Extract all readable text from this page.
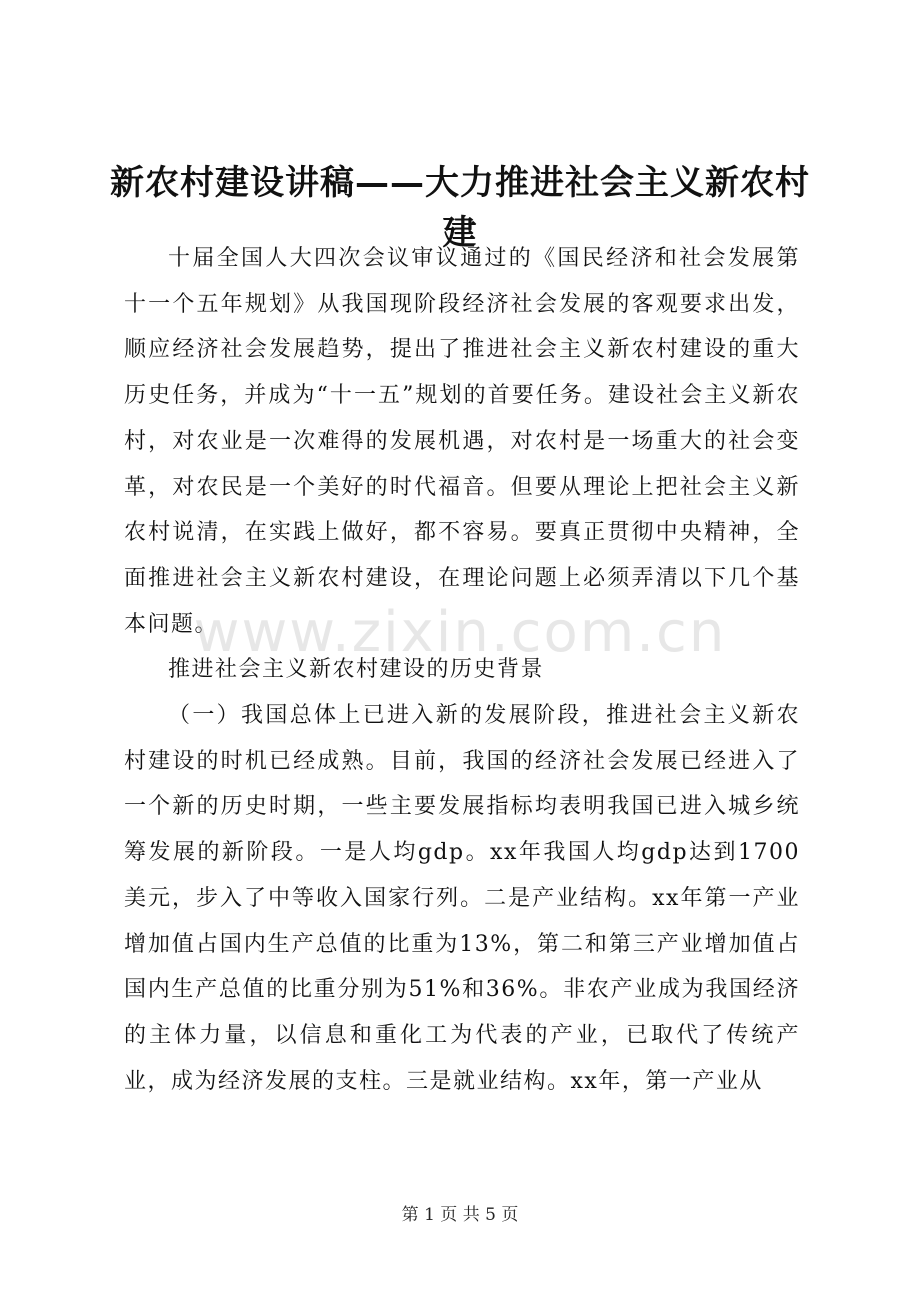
新农村建设讲稿——大力推进社会主义新农村建

十届全国人大四次会议审议通过的《国民经济和社会发展第十一个五年规划》从我国现阶段经济社会发展的客观要求出发，顺应经济社会发展趋势，提出了推进社会主义新农村建设的重大历史任务，并成为“十一五”规划的首要任务。建设社会主义新农村，对农业是一次难得的发展机遇，对农村是一场重大的社会变革，对农民是一个美好的时代福音。但要从理论上把社会主义新农村说清，在实践上做好，都不容易。要真正贯彻中央精神，全面推进社会主义新农村建设，在理论问题上必须弄清以下几个基本问题。

推进社会主义新农村建设的历史背景

（一）我国总体上已进入新的发展阶段，推进社会主义新农村建设的时机已经成熟。目前，我国的经济社会发展已经进入了一个新的历史时期，一些主要发展指标均表明我国已进入城乡统筹发展的新阶段。一是人均gdp。xx年我国人均gdp达到1700美元，步入了中等收入国家行列。二是产业结构。xx年第一产业增加值占国内生产总值的比重为13%，第二和第三产业增加值占国内生产总值的比重分别为51%和36%。非农产业成为我国经济的主体力量，以信息和重化工为代表的产业，已取代了传统产业，成为经济发展的支柱。三是就业结构。xx年，第一产业从

www.zixin.com.cn
第 1 页 共 5 页
